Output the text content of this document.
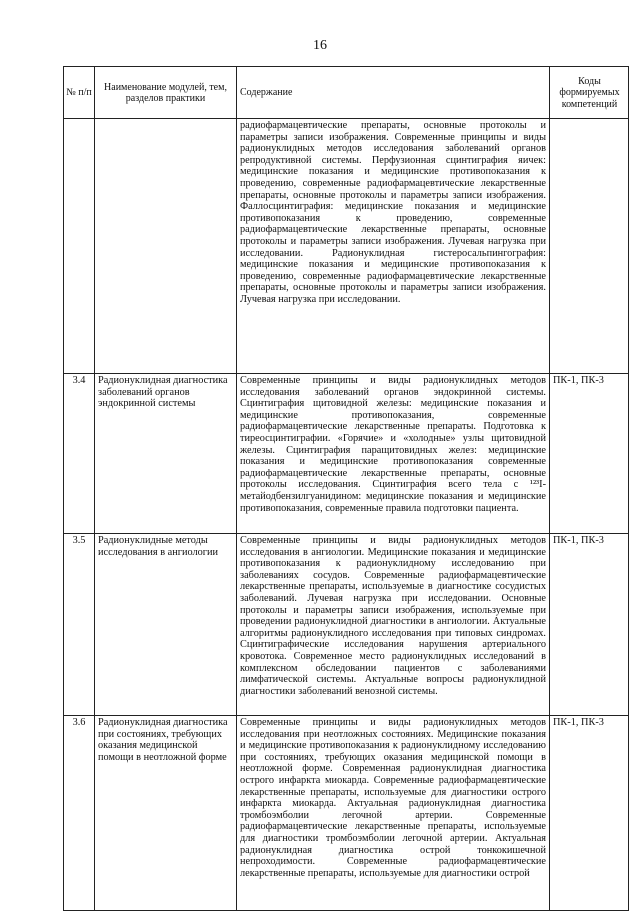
16
№ п/п	Наименование модулей, тем, разделов практики	Содержание	Коды формируемых компетенций
		радиофармацевтические препараты, основные протоколы и параметры записи изображения. Современные принципы и виды радионуклидных методов исследования заболеваний органов репродуктивной системы. Перфузионная сцинтиграфия яичек: медицинские показания и медицинские противопоказания к проведению, современные радиофармацевтические лекарственные препараты, основные протоколы и параметры записи изображения. Фаллосцинтиграфия: медицинские показания и медицинские противопоказания к проведению, современные радиофармацевтические лекарственные препараты, основные протоколы и параметры записи изображения. Лучевая нагрузка при исследовании. Радионуклидная гистеросальпингография: медицинские показания и медицинские противопоказания к проведению, современные радиофармацевтические лекарственные препараты, основные протоколы и параметры записи изображения. Лучевая нагрузка при исследовании.	
3.4	Радионуклидная диагностика заболеваний органов эндокринной системы	Современные принципы и виды радионуклидных методов исследования заболеваний органов эндокринной системы. Сцинтиграфия щитовидной железы: медицинские показания и медицинские противопоказания, современные радиофармацевтические лекарственные препараты. Подготовка к тиреосцинтиграфии. «Горячие» и «холодные» узлы щитовидной железы. Сцинтиграфия паращитовидных желез: медицинские показания и медицинские противопоказания современные радиофармацевтические лекарственные препараты, основные протоколы исследования. Сцинтиграфия всего тела с ¹²³I-метайодбензилгуанидином: медицинские показания и медицинские противопоказания, современные правила подготовки пациента.	ПК-1, ПК-3
3.5	Радионуклидные методы исследования в ангиологии	Современные принципы и виды радионуклидных методов исследования в ангиологии. Медицинские показания и медицинские противопоказания к радионуклидному исследованию при заболеваниях сосудов. Современные радиофармацевтические лекарственные препараты, используемые в диагностике сосудистых заболеваний. Лучевая нагрузка при исследовании. Основные протоколы и параметры записи изображения, используемые при проведении радионуклидной диагностики в ангиологии. Актуальные алгоритмы радионуклидного исследования при типовых синдромах. Сцинтиграфические исследования нарушения артериального кровотока. Современное место радионуклидных исследований в комплексном обследовании пациентов с заболеваниями лимфатической системы. Актуальные вопросы радионуклидной диагностики заболеваний венозной системы.	ПК-1, ПК-3
3.6	Радионуклидная диагностика при состояниях, требующих оказания медицинской помощи в неотложной форме	Современные принципы и виды радионуклидных методов исследования при неотложных состояниях. Медицинские показания и медицинские противопоказания к радионуклидному исследованию при состояниях, требующих оказания медицинской помощи в неотложной форме. Современная радионуклидная диагностика острого инфаркта миокарда. Современные радиофармацевтические лекарственные препараты, используемые для диагностики острого инфаркта миокарда. Актуальная радионуклидная диагностика тромбоэмболии легочной артерии. Современные радиофармацевтические лекарственные препараты, используемые для диагностики тромбоэмболии легочной артерии. Актуальная радионуклидная диагностика острой тонкокишечной непроходимости. Современные радиофармацевтические лекарственные препараты, используемые для диагностики острой	ПК-1, ПК-3
